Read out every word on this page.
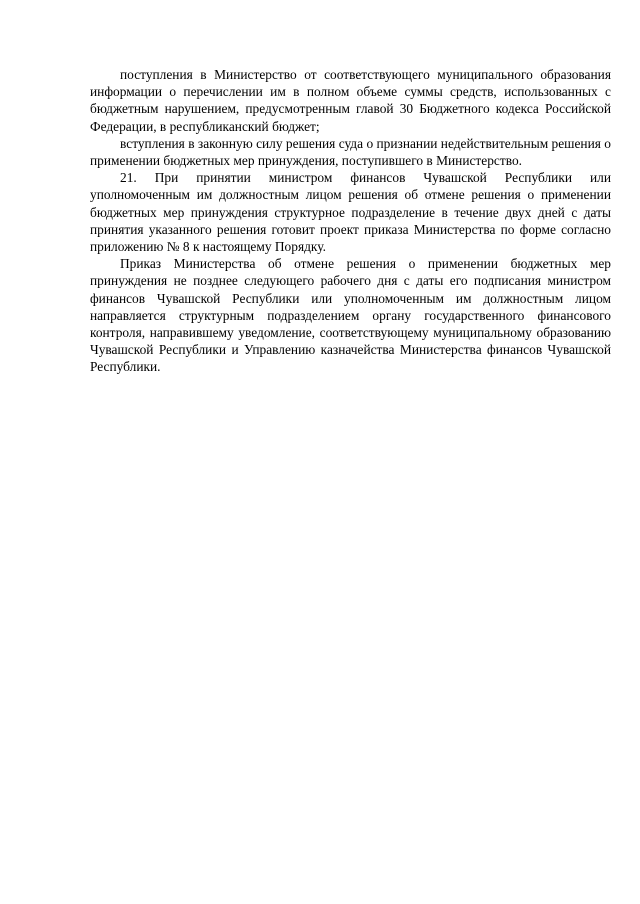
поступления в Министерство от соответствующего муниципального образования информации о перечислении им в полном объеме суммы средств, использованных с бюджетным нарушением, предусмотренным главой 30 Бюджетного кодекса Российской Федерации, в республиканский бюджет;

вступления в законную силу решения суда о признании недействительным решения о применении бюджетных мер принуждения, поступившего в Министерство.

21. При принятии министром финансов Чувашской Республики или уполномоченным им должностным лицом решения об отмене решения о применении бюджетных мер принуждения структурное подразделение в течение двух дней с даты принятия указанного решения готовит проект приказа Министерства по форме согласно приложению № 8 к настоящему Порядку.

Приказ Министерства об отмене решения о применении бюджетных мер принуждения не позднее следующего рабочего дня с даты его подписания министром финансов Чувашской Республики или уполномоченным им должностным лицом направляется структурным подразделением органу государственного финансового контроля, направившему уведомление, соответствующему муниципальному образованию Чувашской Республики и Управлению казначейства Министерства финансов Чувашской Республики.
